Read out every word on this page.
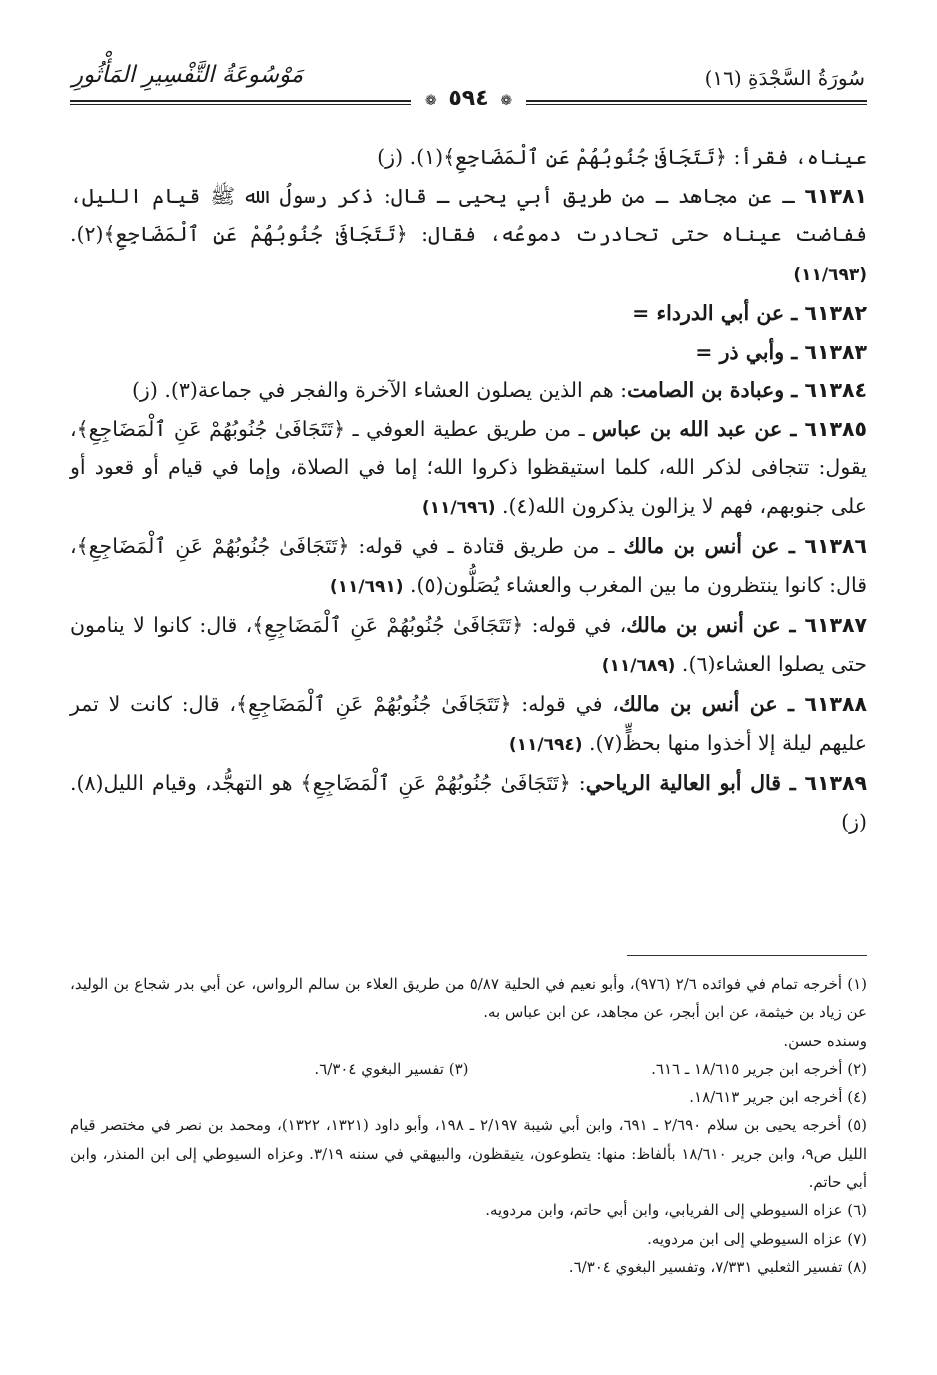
سُورَةُ السَّجْدَةِ (١٦)
مَوْسُوعَةُ التَّفْسِيرِ المَأْثُورِ
❁ ٥٩٤ ❁

عيناه، فقرأ: ﴿تَتَجَافَىٰ جُنُوبُهُمْ عَنِ ٱلْمَضَاجِعِ﴾(١). (ز)

٦١٣٨١ ـ عن مجاهد ـ من طريق أبي يحيى ـ قال: ذكر رسولُ الله ﷺ قيام الليل، ففاضت عيناه حتى تحادرت دموعُه، فقال: ﴿تَتَجَافَىٰ جُنُوبُهُمْ عَنِ ٱلْمَضَاجِعِ﴾(٢). (١١/٦٩٣)

٦١٣٨٢ ـ عن أبي الدرداء =

٦١٣٨٣ ـ وأبي ذر =

٦١٣٨٤ ـ وعبادة بن الصامت: هم الذين يصلون العشاء الآخرة والفجر في جماعة(٣). (ز)

٦١٣٨٥ ـ عن عبد الله بن عباس ـ من طريق عطية العوفي ـ ﴿تَتَجَافَىٰ جُنُوبُهُمْ عَنِ ٱلْمَضَاجِعِ﴾، يقول: تتجافى لذكر الله، كلما استيقظوا ذكروا الله؛ إما في الصلاة، وإما في قيام أو قعود أو على جنوبهم، فهم لا يزالون يذكرون الله(٤). (١١/٦٩٦)

٦١٣٨٦ ـ عن أنس بن مالك ـ من طريق قتادة ـ في قوله: ﴿تَتَجَافَىٰ جُنُوبُهُمْ عَنِ ٱلْمَضَاجِعِ﴾، قال: كانوا ينتظرون ما بين المغرب والعشاء يُصَلُّون(٥). (١١/٦٩١)

٦١٣٨٧ ـ عن أنس بن مالك، في قوله: ﴿تَتَجَافَىٰ جُنُوبُهُمْ عَنِ ٱلْمَضَاجِعِ﴾، قال: كانوا لا ينامون حتى يصلوا العشاء(٦). (١١/٦٨٩)

٦١٣٨٨ ـ عن أنس بن مالك، في قوله: ﴿تَتَجَافَىٰ جُنُوبُهُمْ عَنِ ٱلْمَضَاجِعِ﴾، قال: كانت لا تمر عليهم ليلة إلا أخذوا منها بحظٍّ(٧). (١١/٦٩٤)

٦١٣٨٩ ـ قال أبو العالية الرياحي: ﴿تَتَجَافَىٰ جُنُوبُهُمْ عَنِ ٱلْمَضَاجِعِ﴾ هو التهجُّد، وقيام الليل(٨). (ز)

(١) أخرجه تمام في فوائده ٢/٦ (٩٧٦)، وأبو نعيم في الحلية ٥/٨٧ من طريق العلاء بن سالم الرواس، عن أبي بدر شجاع بن الوليد، عن زياد بن خيثمة، عن ابن أبجر، عن مجاهد، عن ابن عباس به.

وسنده حسن.

(٢) أخرجه ابن جرير ١٨/٦١٥ ـ ٦١٦.
(٣) تفسير البغوي ٦/٣٠٤.

(٤) أخرجه ابن جرير ١٨/٦١٣.

(٥) أخرجه يحيى بن سلام ٢/٦٩٠ ـ ٦٩١، وابن أبي شيبة ٢/١٩٧ ـ ١٩٨، وأبو داود (١٣٢١، ١٣٢٢)، ومحمد بن نصر في مختصر قيام الليل ص٩، وابن جرير ١٨/٦١٠ بألفاظ: منها: يتطوعون، يتيقظون، والبيهقي في سننه ٣/١٩. وعزاه السيوطي إلى ابن المنذر، وابن أبي حاتم.

(٦) عزاه السيوطي إلى الفريابي، وابن أبي حاتم، وابن مردويه.

(٧) عزاه السيوطي إلى ابن مردويه.

(٨) تفسير الثعلبي ٧/٣٣١، وتفسير البغوي ٦/٣٠٤.
